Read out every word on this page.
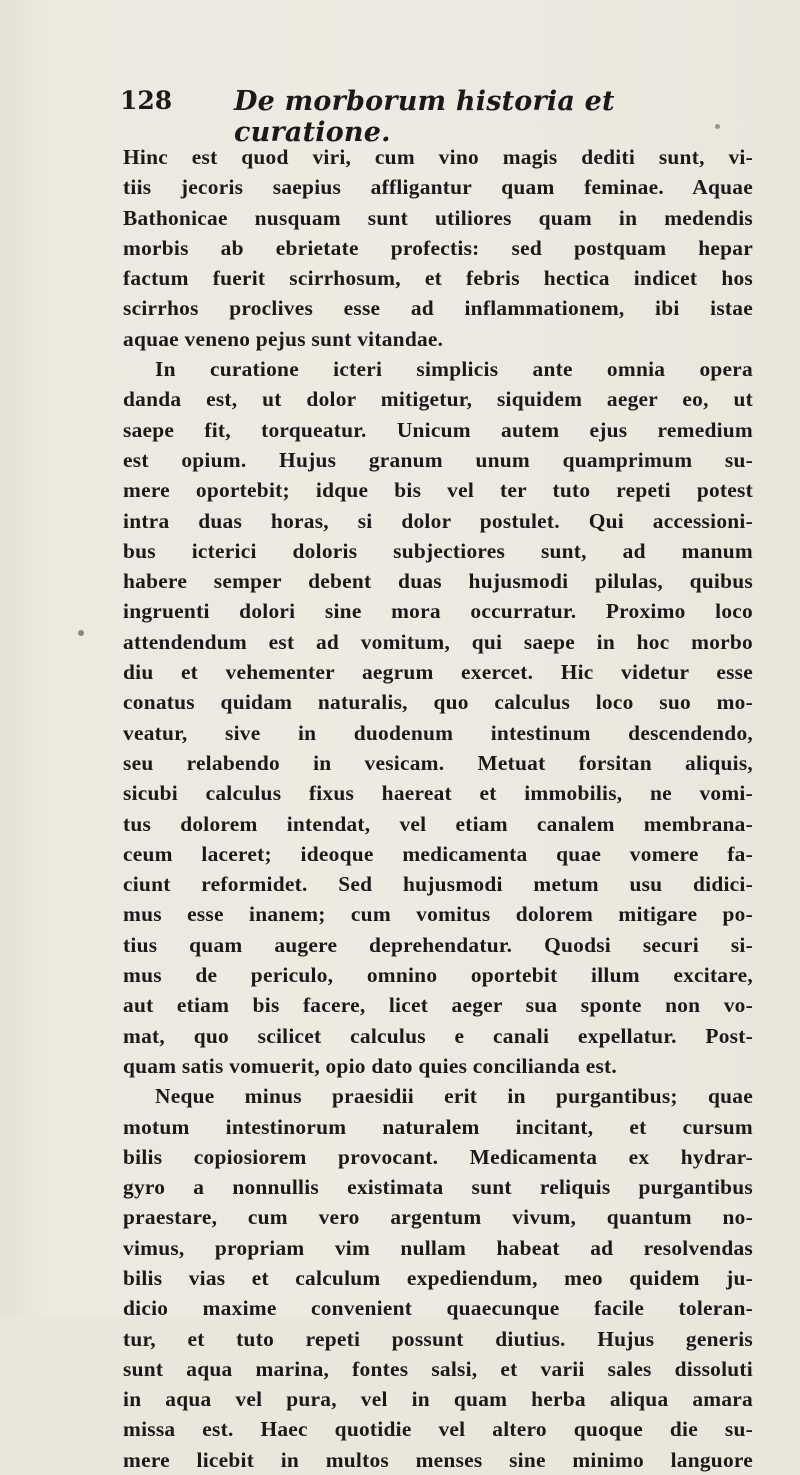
128 De morborum historia et curatione.
Hinc est quod viri, cum vino magis dediti sunt, vi-
tiis jecoris saepius affligantur quam feminae. Aquae
Bathonicae nusquam sunt utiliores quam in medendis
morbis ab ebrietate profectis: sed postquam hepar
factum fuerit scirrhosum, et febris hectica indicet hos
scirrhos proclives esse ad inflammationem, ibi istae
aquae veneno pejus sunt vitandae.
In curatione icteri simplicis ante omnia opera
danda est, ut dolor mitigetur, siquidem aeger eo, ut
saepe fit, torqueatur. Unicum autem ejus remedium
est opium. Hujus granum unum quamprimum su-
mere oportebit; idque bis vel ter tuto repeti potest
intra duas horas, si dolor postulet. Qui accessioni-
bus icterici doloris subjectiores sunt, ad manum
habere semper debent duas hujusmodi pilulas, quibus
ingruenti dolori sine mora occurratur. Proximo loco
attendendum est ad vomitum, qui saepe in hoc morbo
diu et vehementer aegrum exercet. Hic videtur esse
conatus quidam naturalis, quo calculus loco suo mo-
veatur, sive in duodenum intestinum descendendo,
seu relabendo in vesicam. Metuat forsitan aliquis,
sicubi calculus fixus haereat et immobilis, ne vomi-
tus dolorem intendat, vel etiam canalem membrana-
ceum laceret; ideoque medicamenta quae vomere fa-
ciunt reformidet. Sed hujusmodi metum usu didici-
mus esse inanem; cum vomitus dolorem mitigare po-
tius quam augere deprehendatur. Quodsi securi si-
mus de periculo, omnino oportebit illum excitare,
aut etiam bis facere, licet aeger sua sponte non vo-
mat, quo scilicet calculus e canali expellatur. Post-
quam satis vomuerit, opio dato quies concilianda est.
Neque minus praesidii erit in purgantibus; quae
motum intestinorum naturalem incitant, et cursum
bilis copiosiorem provocant. Medicamenta ex hydrar-
gyro a nonnullis existimata sunt reliquis purgantibus
praestare, cum vero argentum vivum, quantum no-
vimus, propriam vim nullam habeat ad resolvendas
bilis vias et calculum expediendum, meo quidem ju-
dicio maxime convenient quaecunque facile toleran-
tur, et tuto repeti possunt diutius. Hujus generis
sunt aqua marina, fontes salsi, et varii sales dissoluti
in aqua vel pura, vel in quam herba aliqua amara
missa est. Haec quotidie vel altero quoque die su-
mere licebit in multos menses sine minimo languore
